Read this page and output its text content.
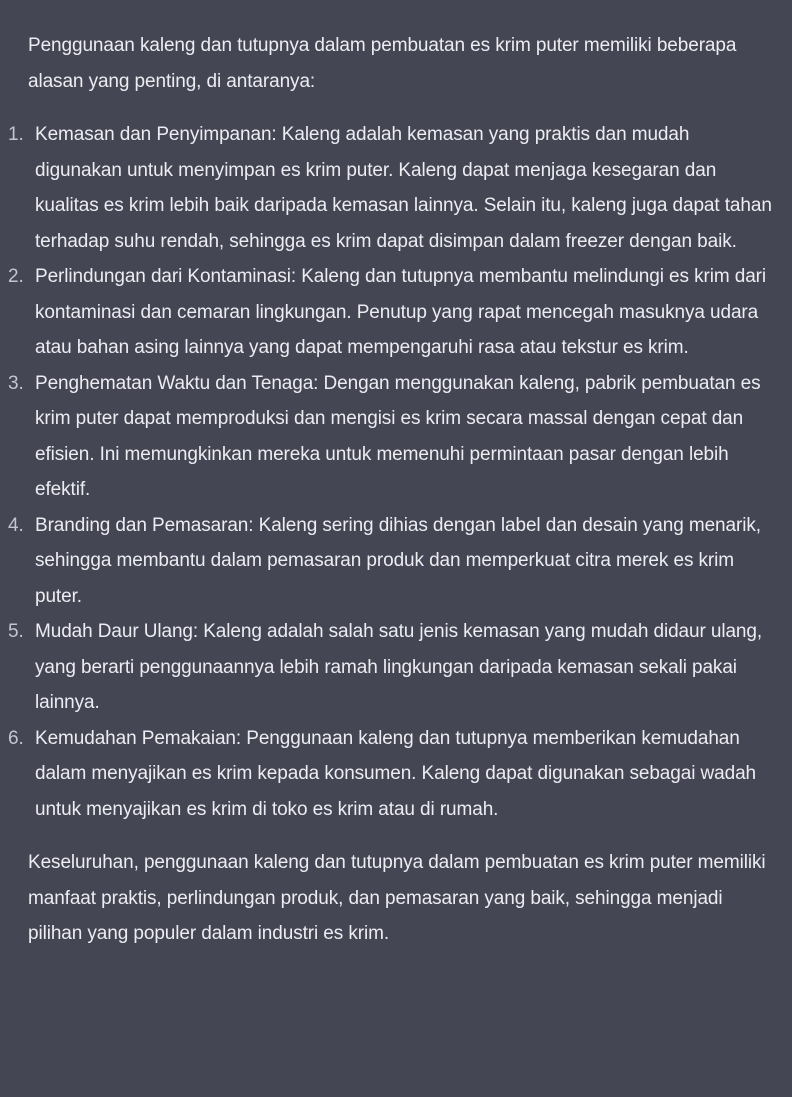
Penggunaan kaleng dan tutupnya dalam pembuatan es krim puter memiliki beberapa alasan yang penting, di antaranya:

1. Kemasan dan Penyimpanan: Kaleng adalah kemasan yang praktis dan mudah digunakan untuk menyimpan es krim puter. Kaleng dapat menjaga kesegaran dan kualitas es krim lebih baik daripada kemasan lainnya. Selain itu, kaleng juga dapat tahan terhadap suhu rendah, sehingga es krim dapat disimpan dalam freezer dengan baik.
2. Perlindungan dari Kontaminasi: Kaleng dan tutupnya membantu melindungi es krim dari kontaminasi dan cemaran lingkungan. Penutup yang rapat mencegah masuknya udara atau bahan asing lainnya yang dapat mempengaruhi rasa atau tekstur es krim.
3. Penghematan Waktu dan Tenaga: Dengan menggunakan kaleng, pabrik pembuatan es krim puter dapat memproduksi dan mengisi es krim secara massal dengan cepat dan efisien. Ini memungkinkan mereka untuk memenuhi permintaan pasar dengan lebih efektif.
4. Branding dan Pemasaran: Kaleng sering dihias dengan label dan desain yang menarik, sehingga membantu dalam pemasaran produk dan memperkuat citra merek es krim puter.
5. Mudah Daur Ulang: Kaleng adalah salah satu jenis kemasan yang mudah didaur ulang, yang berarti penggunaannya lebih ramah lingkungan daripada kemasan sekali pakai lainnya.
6. Kemudahan Pemakaian: Penggunaan kaleng dan tutupnya memberikan kemudahan dalam menyajikan es krim kepada konsumen. Kaleng dapat digunakan sebagai wadah untuk menyajikan es krim di toko es krim atau di rumah.

Keseluruhan, penggunaan kaleng dan tutupnya dalam pembuatan es krim puter memiliki manfaat praktis, perlindungan produk, dan pemasaran yang baik, sehingga menjadi pilihan yang populer dalam industri es krim.
